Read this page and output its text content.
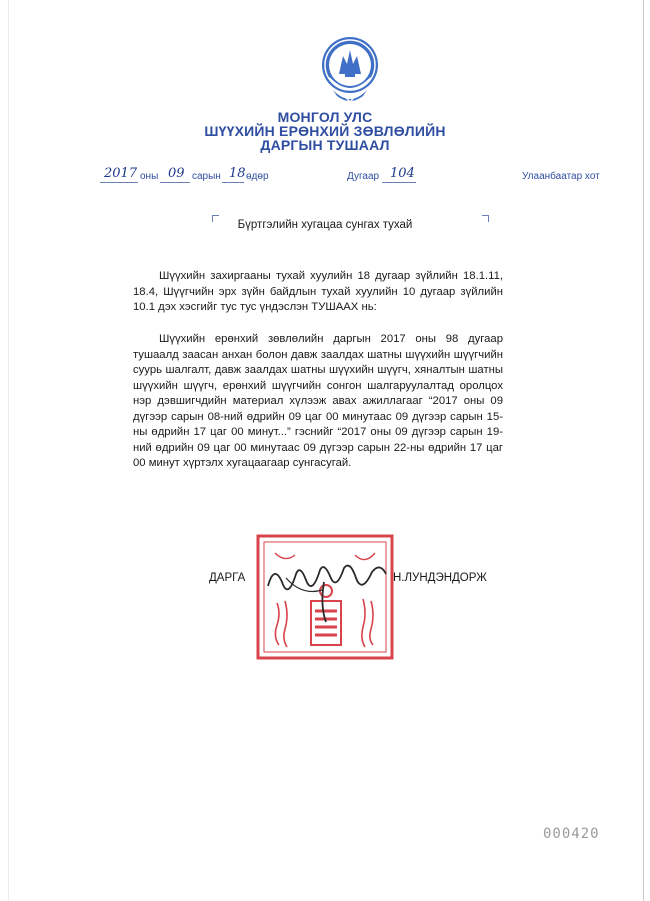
МОНГОЛ УЛС
ШҮҮХИЙН ЕРӨНХИЙ ЗӨВЛӨЛИЙН
ДАРГЫН ТУШААЛ
2017 оны 09 сарын 18 өдөр	Дугаар 104	Улаанбаатар хот
Бүртгэлийн хугацаа сунгах тухай
Шүүхийн захиргааны тухай хуулийн 18 дугаар зүйлийн 18.1.11, 18.4, Шүүгчийн эрх зүйн байдлын тухай хуулийн 10 дугаар зүйлийн 10.1 дэх хэсгийг тус тус үндэслэн ТУШААХ нь:
Шүүхийн ерөнхий зөвлөлийн даргын 2017 оны 98 дугаар тушаалд заасан анхан болон давж заалдах шатны шүүхийн шүүгчийн суурь шалгалт, давж заалдах шатны шүүхийн шүүгч, хяналтын шатны шүүхийн шүүгч, ерөнхий шүүгчийн сонгон шалгаруулалтад оролцох нэр дэвшигчдийн материал хүлээж авах ажиллагааг “2017 оны 09 дүгээр сарын 08-ний өдрийн 09 цаг 00 минутаас 09 дүгээр сарын 15-ны өдрийн 17 цаг 00 минут...” гэснийг “2017 оны 09 дүгээр сарын 19-ний өдрийн 09 цаг 00 минутаас 09 дүгээр сарын 22-ны өдрийн 17 цаг 00 минут хүртэлх хугацаагаар сунгасугай.
ДАРГА	Н.ЛУНДЭНДОРЖ
000420
